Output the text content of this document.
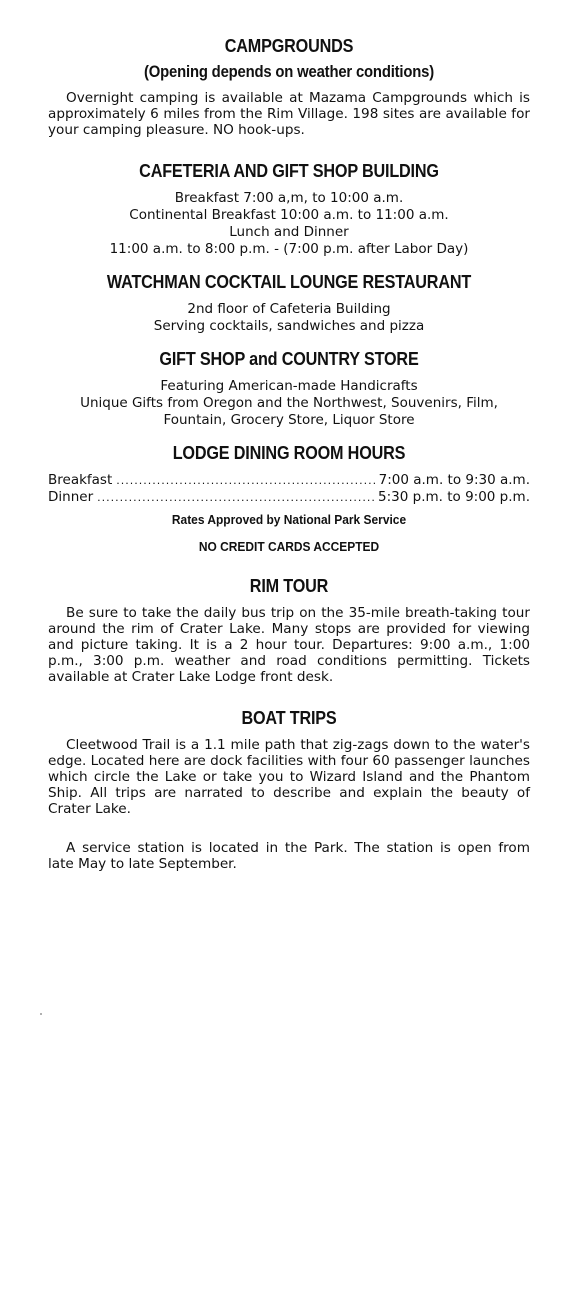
CAMPGROUNDS
(Opening depends on weather conditions)

Overnight camping is available at Mazama Campgrounds which is approximately 6 miles from the Rim Village. 198 sites are available for your camping pleasure. NO hook-ups.

CAFETERIA AND GIFT SHOP BUILDING
Breakfast 7:00 a,m, to 10:00 a.m.
Continental Breakfast 10:00 a.m. to 11:00 a.m.
Lunch and Dinner
11:00 a.m. to 8:00 p.m. - (7:00 p.m. after Labor Day)
WATCHMAN COCKTAIL LOUNGE RESTAURANT
2nd floor of Cafeteria Building
Serving cocktails, sandwiches and pizza
GIFT SHOP and COUNTRY STORE
Featuring American-made Handicrafts
Unique Gifts from Oregon and the Northwest, Souvenirs, Film,
Fountain, Grocery Store, Liquor Store
LODGE DINING ROOM HOURS
Breakfast .....	7:00 a.m. to 9:30 a.m.
Dinner .....	5:30 p.m. to 9:00 p.m.
Rates Approved by National Park Service
NO CREDIT CARDS ACCEPTED
RIM TOUR

Be sure to take the daily bus trip on the 35-mile breath-taking tour around the rim of Crater Lake. Many stops are provided for viewing and picture taking. It is a 2 hour tour. Departures: 9:00 a.m., 1:00 p.m., 3:00 p.m. weather and road conditions permitting. Tickets available at Crater Lake Lodge front desk.

BOAT TRIPS

Cleetwood Trail is a 1.1 mile path that zig-zags down to the water's edge. Located here are dock facilities with four 60 passenger launches which circle the Lake or take you to Wizard Island and the Phantom Ship. All trips are narrated to describe and explain the beauty of Crater Lake.

A service station is located in the Park. The station is open from late May to late September.
